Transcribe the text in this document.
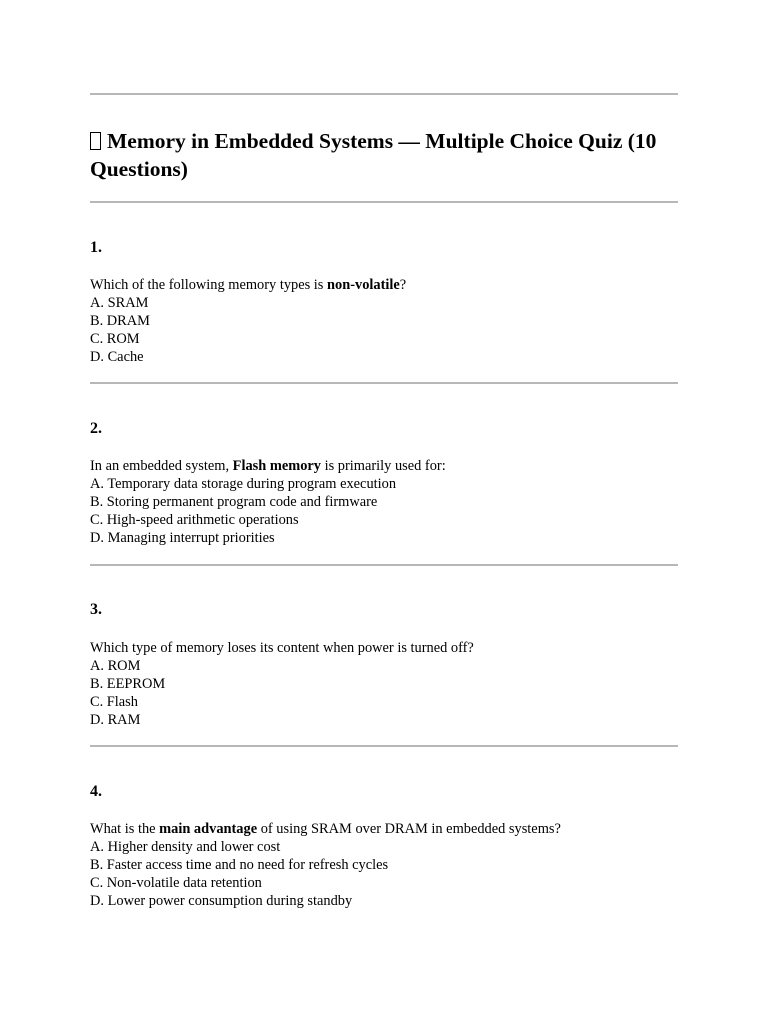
Memory in Embedded Systems — Multiple Choice Quiz (10 Questions)
1.
Which of the following memory types is non-volatile?
A. SRAM
B. DRAM
C. ROM
D. Cache
2.
In an embedded system, Flash memory is primarily used for:
A. Temporary data storage during program execution
B. Storing permanent program code and firmware
C. High-speed arithmetic operations
D. Managing interrupt priorities
3.
Which type of memory loses its content when power is turned off?
A. ROM
B. EEPROM
C. Flash
D. RAM
4.
What is the main advantage of using SRAM over DRAM in embedded systems?
A. Higher density and lower cost
B. Faster access time and no need for refresh cycles
C. Non-volatile data retention
D. Lower power consumption during standby
